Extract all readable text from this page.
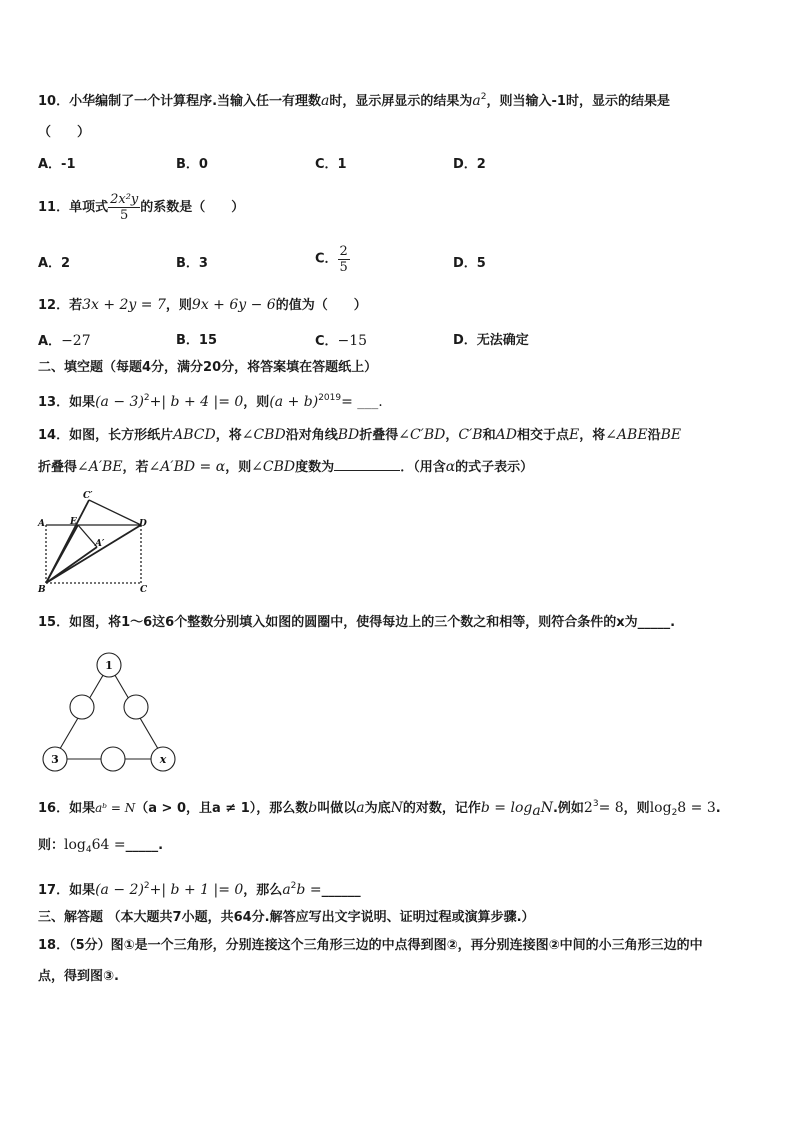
10．小华编制了一个计算程序.当输入任一有理数a时，显示屏显示的结果为$a^2$，则当输入-1时，显示的结果是
（　　）
A．-1	B．0	C．1	D．2
11．单项式 $\frac{\text{2x²y}}{5}$ 的系数是（　　）
A．2	B．3	C． $\frac{2}{5}$	D．5
12．若3x + 2y = 7，则9x + 6y − 6的值为（　　）
A．−27	B．15	C．−15	D．无法确定
二、填空题（每题4分，满分20分，将答案填在答题纸上）
13．如果$(a - 3)^2+|$ b + 4 |= 0，则$(a + b)^{2019}=$ ___.
14．如图，长方形纸片ABCD，将∠CBD沿对角线BD折叠得∠C′BD，C′B和AD相交于点E，将∠ABE沿BE
折叠得∠A′BE，若∠A′BD = α，则∠CBD度数为	．（用含α的式子表示）
A	E	D
C′
A′
B	C
15．如图，将1～6这6个整数分别填入如图的圆圈中，使得每边上的三个数之和相等，则符合条件的x为_____.
1
3	x
16．如果aᵇ = N（a > 0，且a ≠ 1），那么数b叫做以a为底N的对数，记作$b = \log_aN$.例如$2^3= 8$，则$\log_28 = 3$.
则：$\log_464$ =_____.
17．如果$(a - 2)^2+|$ b + 1 |= 0，那么$a^2b$ =______
三、解答题 （本大题共7小题，共64分.解答应写出文字说明、证明过程或演算步骤.）
18．（5分）图①是一个三角形，分别连接这个三角形三边的中点得到图②，再分别连接图②中间的小三角形三边的中
点，得到图③.
